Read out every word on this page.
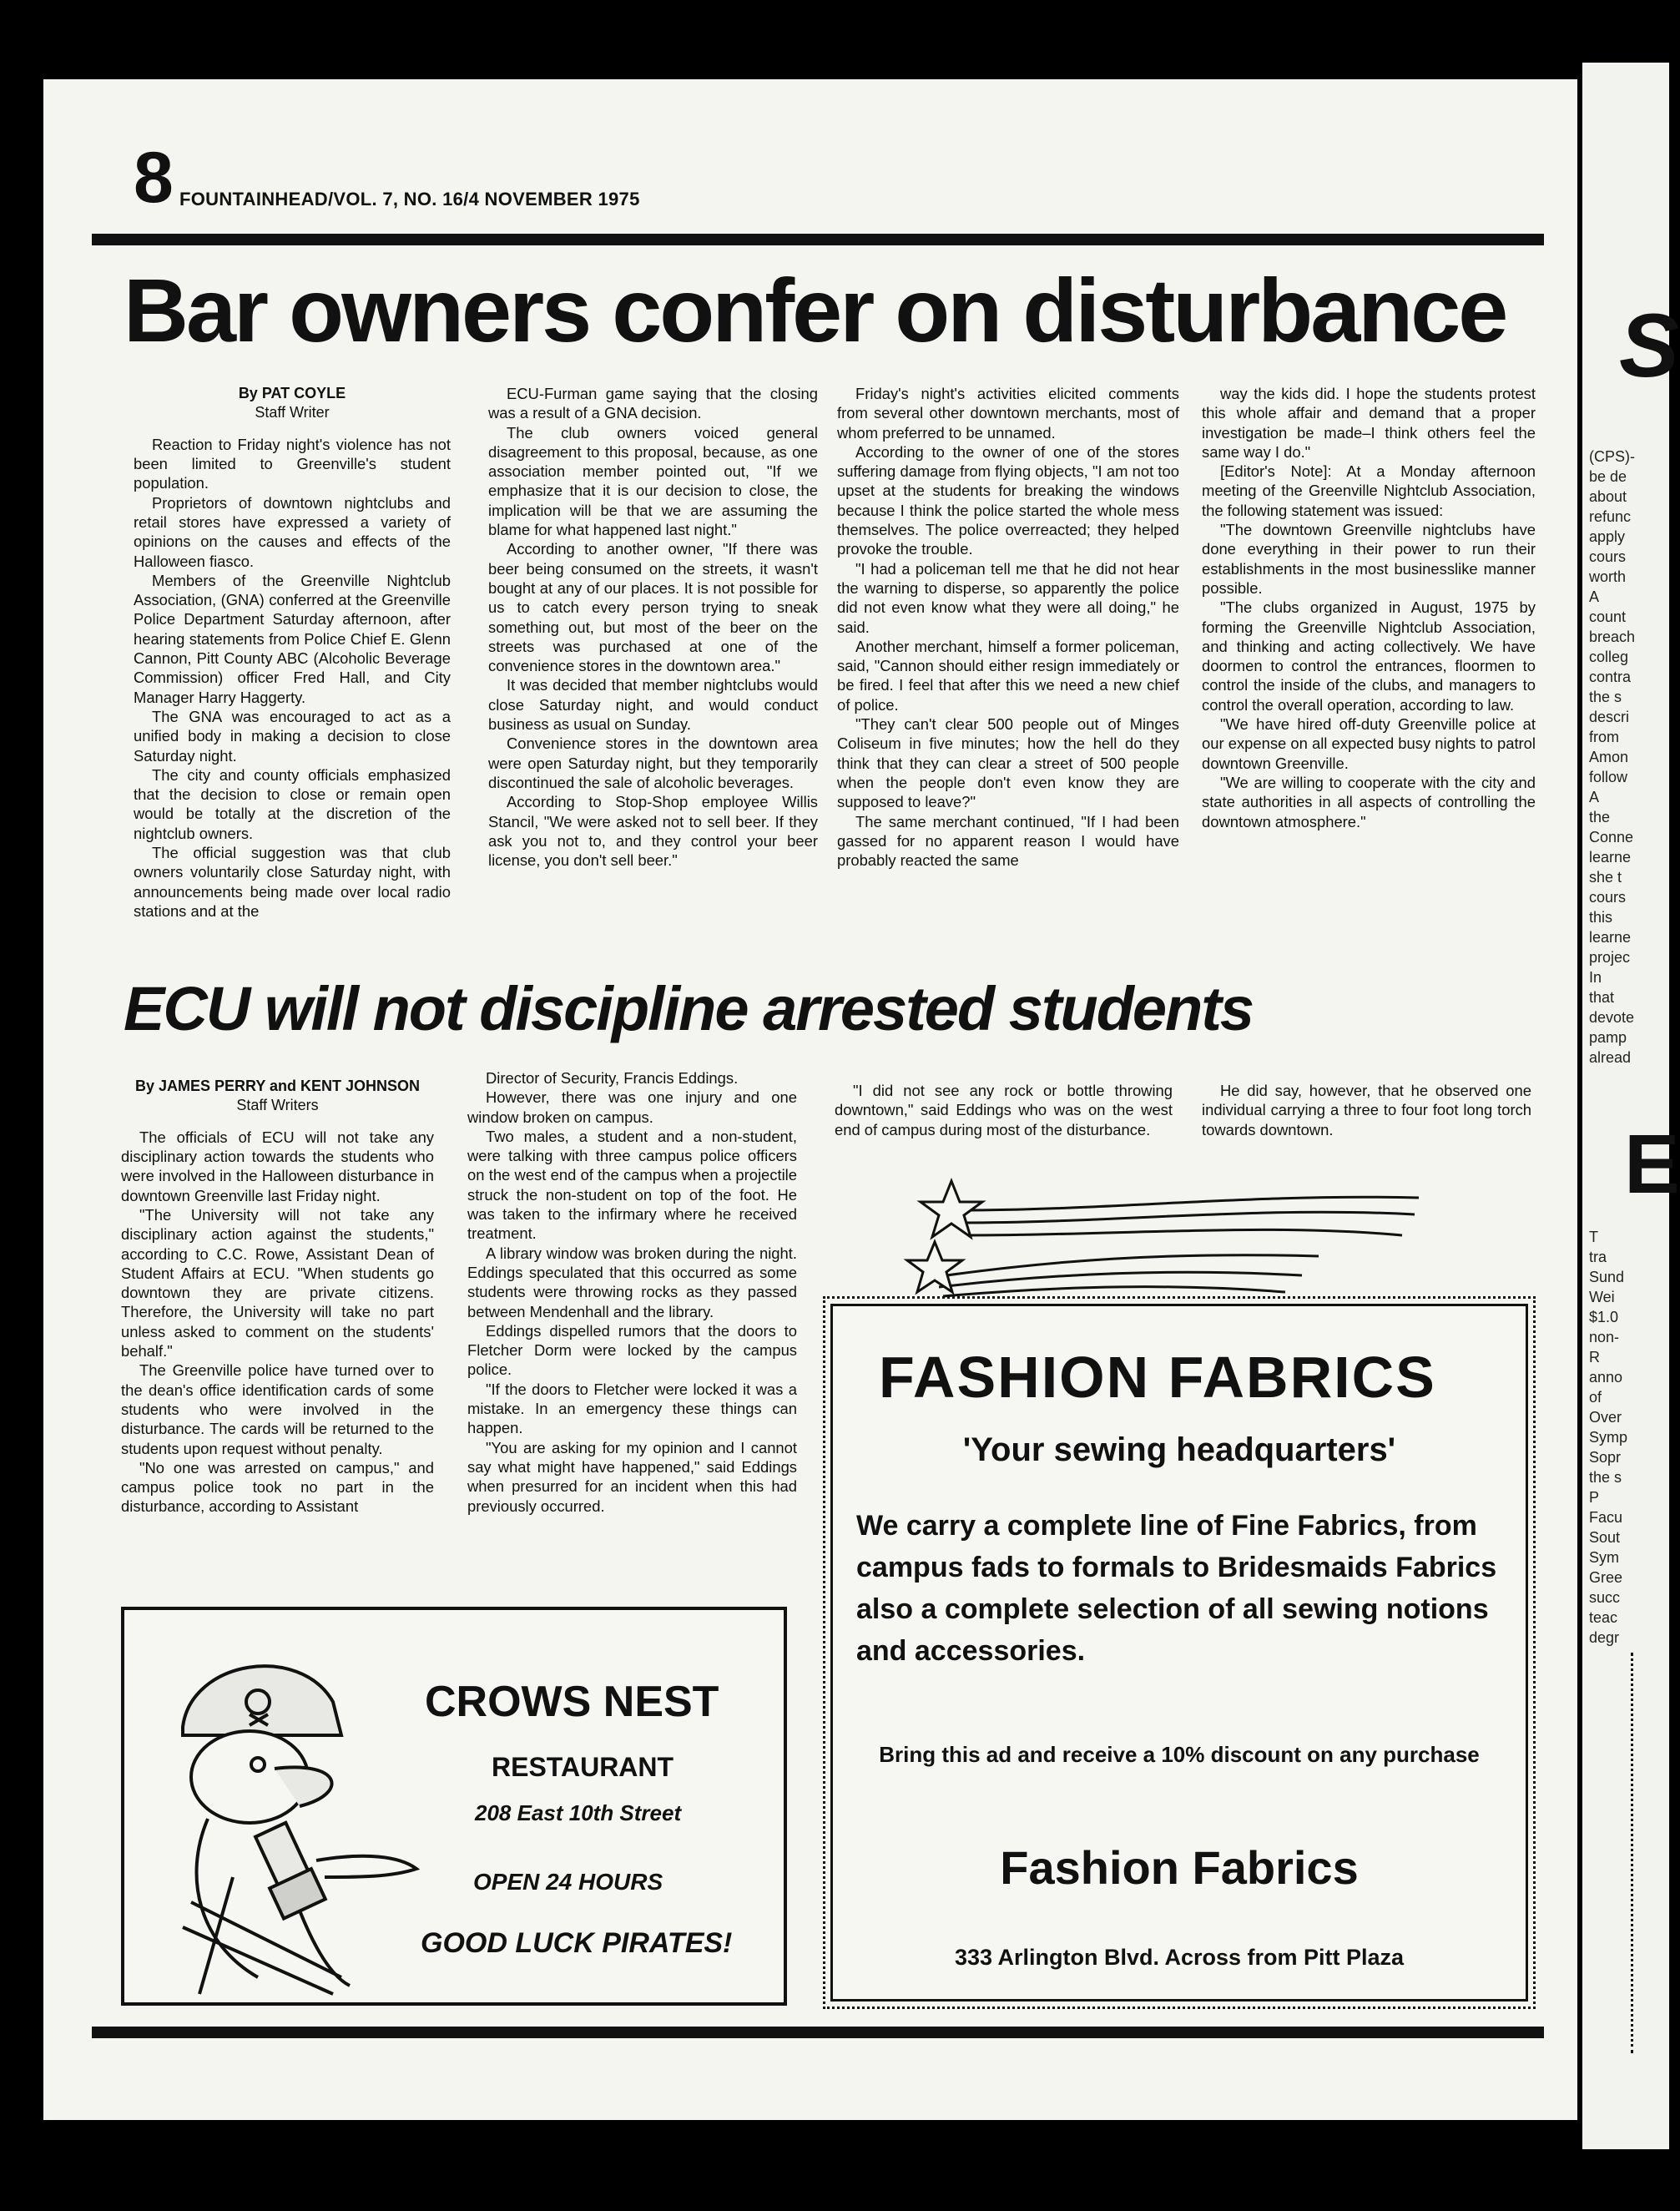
S
E
(CPS)-
be de
about
refunc
apply
cours
worth
A
count
breach
colleg
contra
the s
descri
from
Amon
follow
A
the
Conne
learne
she t
cours
this
learne
projec
In
that
devote
pamp
alread
T
tra
Sund
Wei
$1.0
non-
R
anno
of
Over
Symp
Sopr
the s
P
Facu
Sout
Sym
Gree
succ
teac
degr
8 FOUNTAINHEAD/VOL. 7, NO. 16/4 NOVEMBER 1975
Bar owners confer on disturbance
By PAT COYLE
Staff Writer

Reaction to Friday night's violence has not been limited to Greenville's student population.

Proprietors of downtown nightclubs and retail stores have expressed a variety of opinions on the causes and effects of the Halloween fiasco.

Members of the Greenville Nightclub Association, (GNA) conferred at the Greenville Police Department Saturday afternoon, after hearing statements from Police Chief E. Glenn Cannon, Pitt County ABC (Alcoholic Beverage Commission) officer Fred Hall, and City Manager Harry Haggerty.

The GNA was encouraged to act as a unified body in making a decision to close Saturday night.

The city and county officials emphasized that the decision to close or remain open would be totally at the discretion of the nightclub owners.

The official suggestion was that club owners voluntarily close Saturday night, with announcements being made over local radio stations and at the

ECU-Furman game saying that the closing was a result of a GNA decision.

The club owners voiced general disagreement to this proposal, because, as one association member pointed out, "If we emphasize that it is our decision to close, the implication will be that we are assuming the blame for what happened last night."

According to another owner, "If there was beer being consumed on the streets, it wasn't bought at any of our places. It is not possible for us to catch every person trying to sneak something out, but most of the beer on the streets was purchased at one of the convenience stores in the downtown area."

It was decided that member nightclubs would close Saturday night, and would conduct business as usual on Sunday.

Convenience stores in the downtown area were open Saturday night, but they temporarily discontinued the sale of alcoholic beverages.

According to Stop-Shop employee Willis Stancil, "We were asked not to sell beer. If they ask you not to, and they control your beer license, you don't sell beer."

Friday's night's activities elicited comments from several other downtown merchants, most of whom preferred to be unnamed.

According to the owner of one of the stores suffering damage from flying objects, "I am not too upset at the students for breaking the windows because I think the police started the whole mess themselves. The police overreacted; they helped provoke the trouble.

"I had a policeman tell me that he did not hear the warning to disperse, so apparently the police did not even know what they were all doing," he said.

Another merchant, himself a former policeman, said, "Cannon should either resign immediately or be fired. I feel that after this we need a new chief of police.

"They can't clear 500 people out of Minges Coliseum in five minutes; how the hell do they think that they can clear a street of 500 people when the people don't even know they are supposed to leave?"

The same merchant continued, "If I had been gassed for no apparent reason I would have probably reacted the same

way the kids did. I hope the students protest this whole affair and demand that a proper investigation be made–I think others feel the same way I do."

[Editor's Note]: At a Monday afternoon meeting of the Greenville Nightclub Association, the following statement was issued:

"The downtown Greenville nightclubs have done everything in their power to run their establishments in the most businesslike manner possible.

"The clubs organized in August, 1975 by forming the Greenville Nightclub Association, and thinking and acting collectively. We have doormen to control the entrances, floormen to control the inside of the clubs, and managers to control the overall operation, according to law.

"We have hired off-duty Greenville police at our expense on all expected busy nights to patrol downtown Greenville.

"We are willing to cooperate with the city and state authorities in all aspects of controlling the downtown atmosphere."

ECU will not discipline arrested students
By JAMES PERRY and KENT JOHNSON
Staff Writers

The officials of ECU will not take any disciplinary action towards the students who were involved in the Halloween disturbance in downtown Greenville last Friday night.

"The University will not take any disciplinary action against the students," according to C.C. Rowe, Assistant Dean of Student Affairs at ECU. "When students go downtown they are private citizens. Therefore, the University will take no part unless asked to comment on the students' behalf."

The Greenville police have turned over to the dean's office identification cards of some students who were involved in the disturbance. The cards will be returned to the students upon request without penalty.

"No one was arrested on campus," and campus police took no part in the disturbance, according to Assistant

Director of Security, Francis Eddings.

However, there was one injury and one window broken on campus.

Two males, a student and a non-student, were talking with three campus police officers on the west end of the campus when a projectile struck the non-student on top of the foot. He was taken to the infirmary where he received treatment.

A library window was broken during the night. Eddings speculated that this occurred as some students were throwing rocks as they passed between Mendenhall and the library.

Eddings dispelled rumors that the doors to Fletcher Dorm were locked by the campus police.

"If the doors to Fletcher were locked it was a mistake. In an emergency these things can happen.

"You are asking for my opinion and I cannot say what might have happened," said Eddings when presurred for an incident when this had previously occurred.

"I did not see any rock or bottle throwing downtown," said Eddings who was on the west end of campus during most of the disturbance.

He did say, however, that he observed one individual carrying a three to four foot long torch towards downtown.

CROWS NEST
RESTAURANT
208 East 10th Street
OPEN 24 HOURS
GOOD LUCK PIRATES!
FASHION FABRICS
'Your sewing headquarters'
We carry a complete line of Fine Fabrics, from campus fads to formals to Bridesmaids Fabrics also a complete selection of all sewing notions and accessories.
Bring this ad and receive a 10% discount on any purchase
Fashion Fabrics
333 Arlington Blvd. Across from Pitt Plaza
